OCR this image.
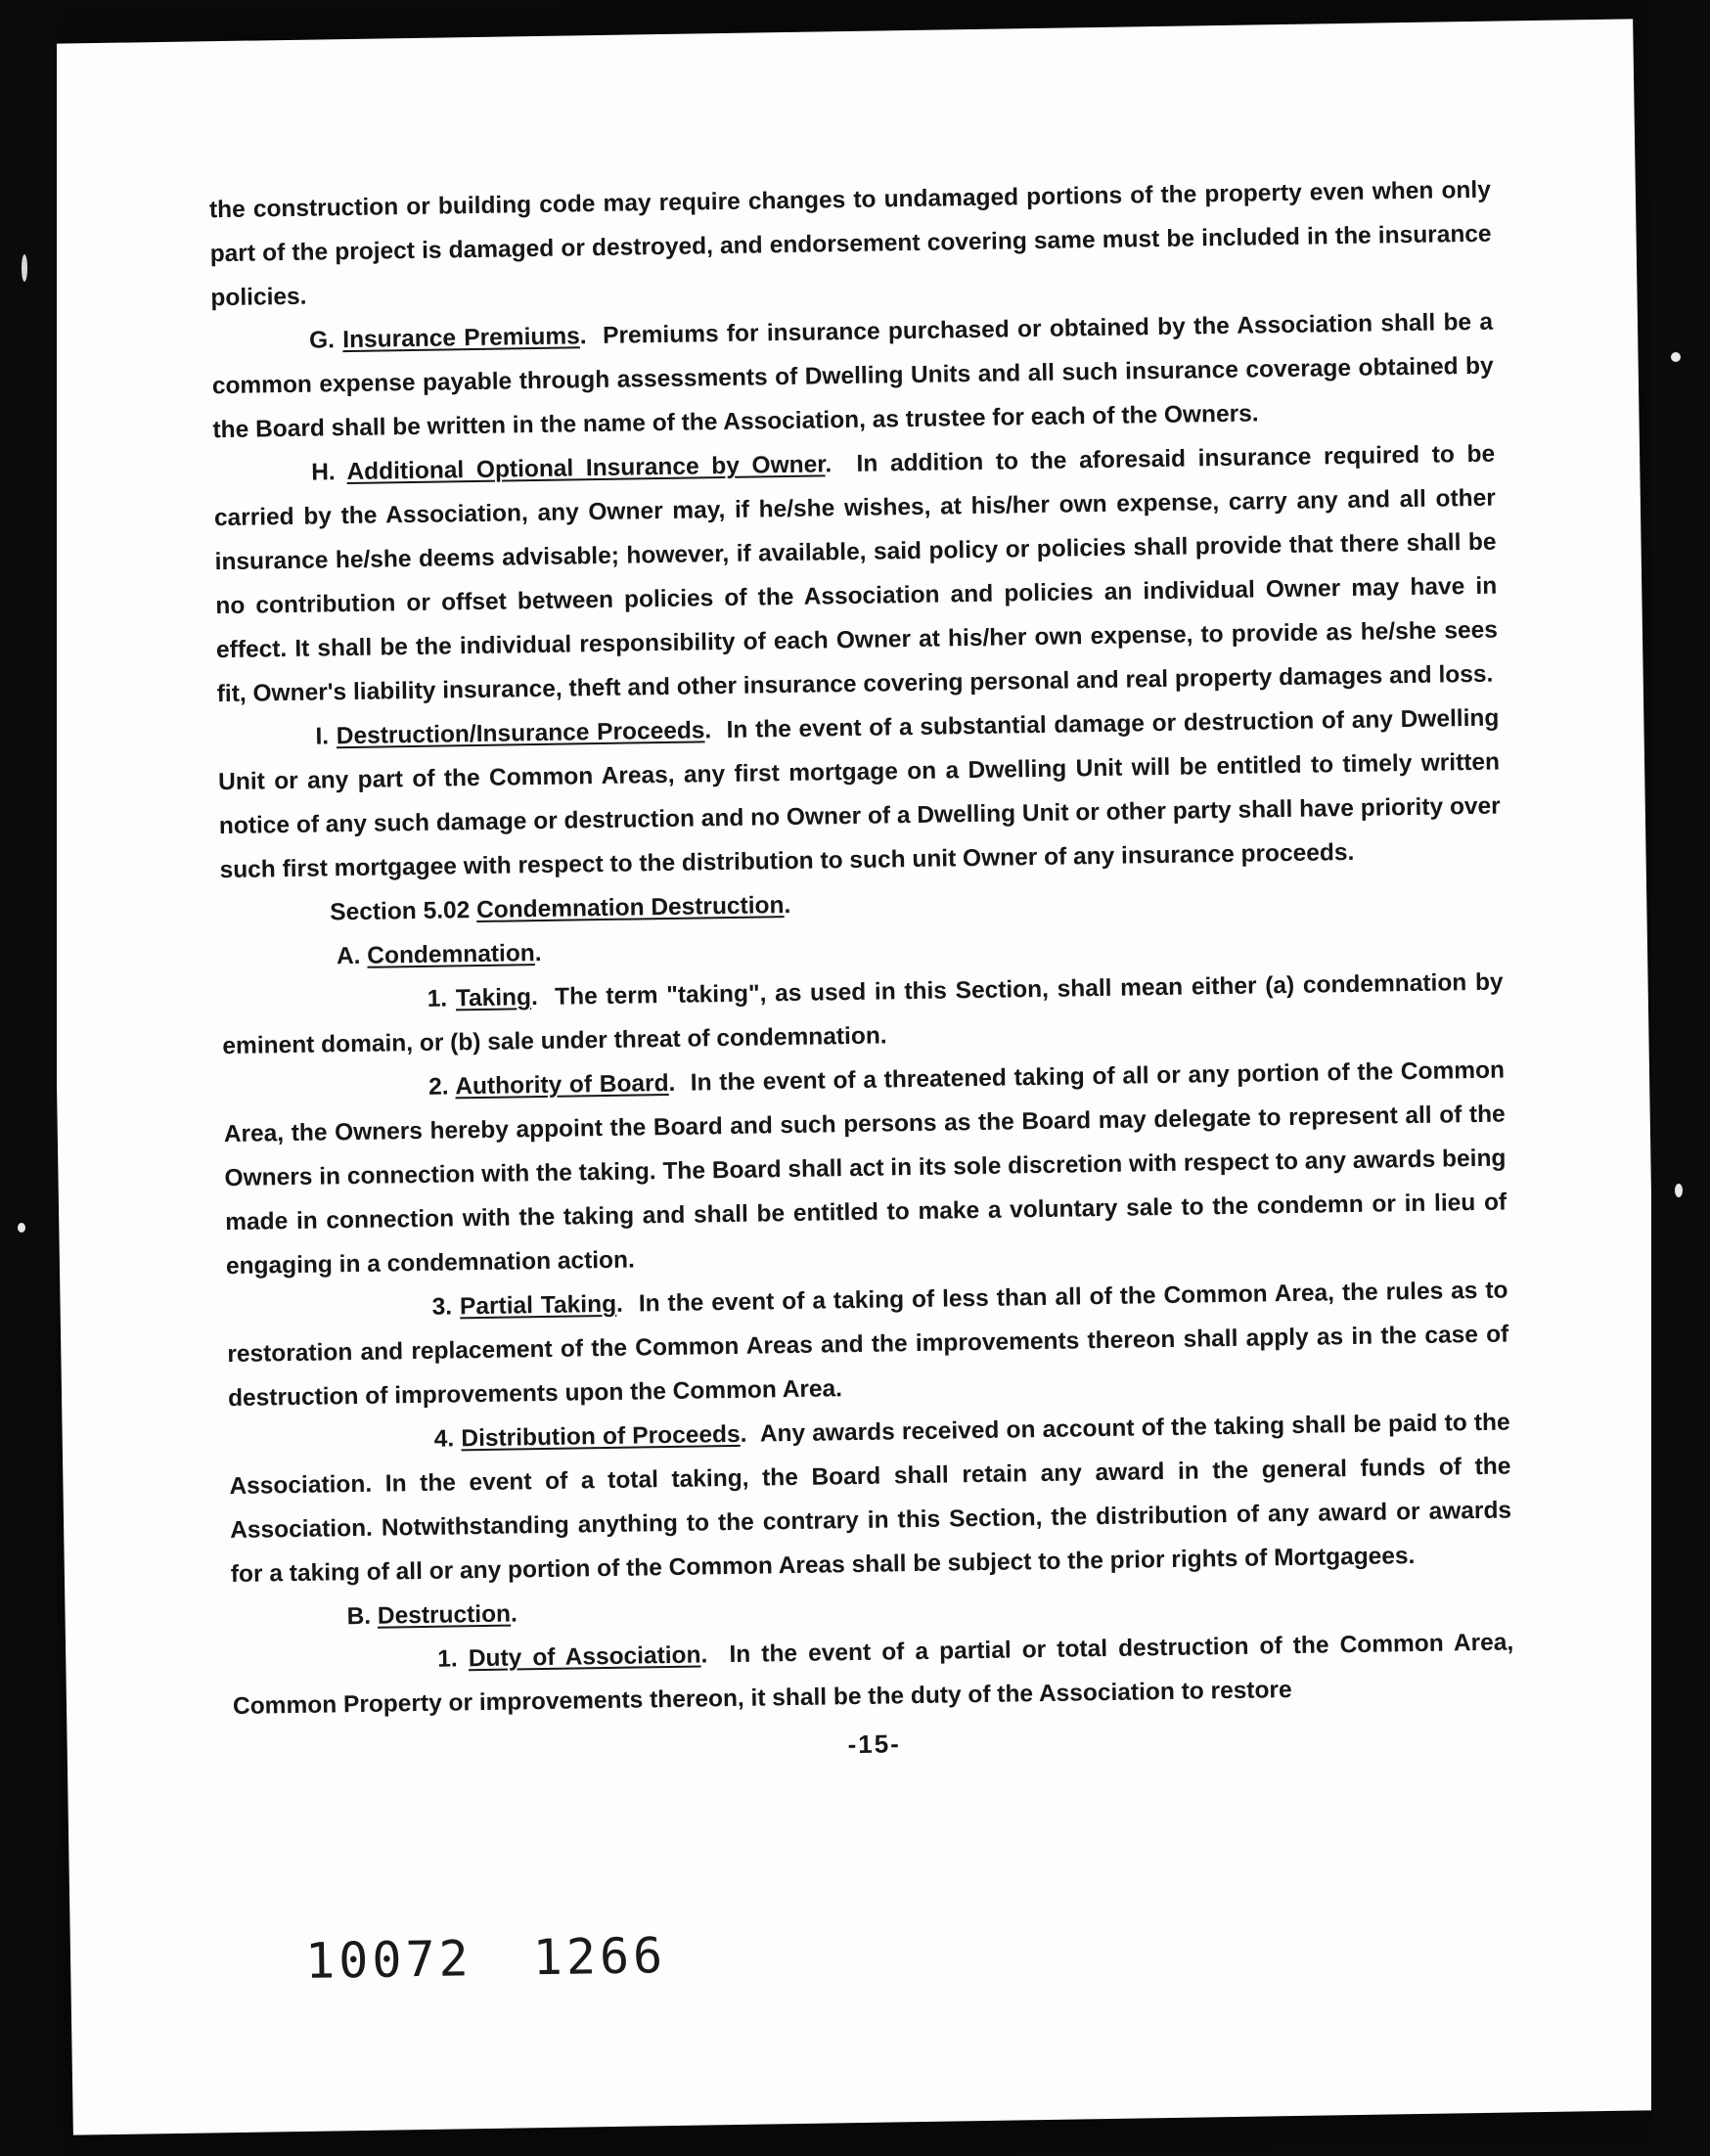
the construction or building code may require changes to undamaged portions of the property even when only part of the project is damaged or destroyed, and endorsement covering same must be included in the insurance policies.

G. Insurance Premiums.  Premiums for insurance purchased or obtained by the Association shall be a common expense payable through assessments of Dwelling Units and all such insurance coverage obtained by the Board shall be written in the name of the Association, as trustee for each of the Owners.

H. Additional Optional Insurance by Owner.  In addition to the aforesaid insurance required to be carried by the Association, any Owner may, if he/she wishes, at his/her own expense, carry any and all other insurance he/she deems advisable; however, if available, said policy or policies shall provide that there shall be no contribution or offset between policies of the Association and policies an individual Owner may have in effect. It shall be the individual responsibility of each Owner at his/her own expense, to provide as he/she sees fit, Owner's liability insurance, theft and other insurance covering personal and real property damages and loss.

I. Destruction/Insurance Proceeds.  In the event of a substantial damage or destruction of any Dwelling Unit or any part of the Common Areas, any first mortgage on a Dwelling Unit will be entitled to timely written notice of any such damage or destruction and no Owner of a Dwelling Unit or other party shall have priority over such first mortgagee with respect to the distribution to such unit Owner of any insurance proceeds.

Section 5.02 Condemnation Destruction.

A. Condemnation.

1. Taking.  The term "taking", as used in this Section, shall mean either (a) condemnation by eminent domain, or (b) sale under threat of condemnation.

2. Authority of Board.  In the event of a threatened taking of all or any portion of the Common Area, the Owners hereby appoint the Board and such persons as the Board may delegate to represent all of the Owners in connection with the taking. The Board shall act in its sole discretion with respect to any awards being made in connection with the taking and shall be entitled to make a voluntary sale to the condemn or in lieu of engaging in a condemnation action.

3. Partial Taking.  In the event of a taking of less than all of the Common Area, the rules as to restoration and replacement of the Common Areas and the improvements thereon shall apply as in the case of destruction of improvements upon the Common Area.

4. Distribution of Proceeds.  Any awards received on account of the taking shall be paid to the Association. In the event of a total taking, the Board shall retain any award in the general funds of the Association. Notwithstanding anything to the contrary in this Section, the distribution of any award or awards for a taking of all or any portion of the Common Areas shall be subject to the prior rights of Mortgagees.

B. Destruction.

1. Duty of Association.  In the event of a partial or total destruction of the Common Area, Common Property or improvements thereon, it shall be the duty of the Association to restore

-15-
10072 1266
